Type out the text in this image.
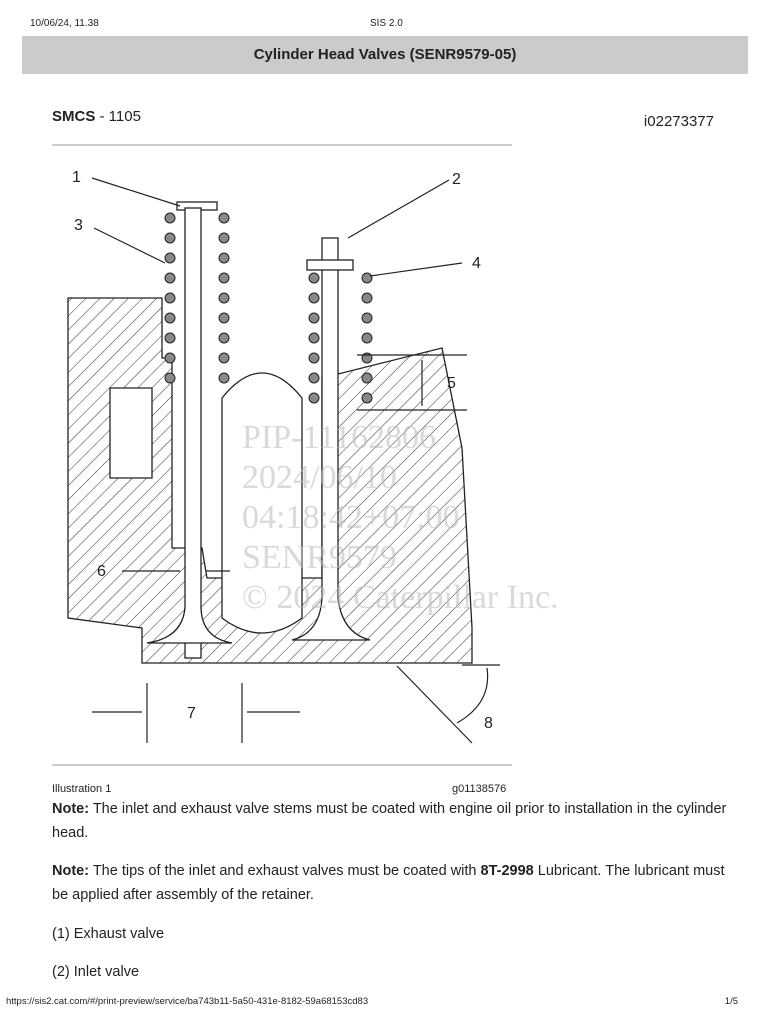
10/06/24, 11.38	SIS 2.0
Cylinder Head Valves (SENR9579-05)
SMCS - 1105	i02273377
1	2
3
4
5
6
7
8
PIP-11162806
2024/06/10
04:18:42+07:00
SENR9579
© 2024 Caterpillar Inc.
Illustration 1	g01138576
Note: The inlet and exhaust valve stems must be coated with engine oil prior to installation in the cylinder head.
Note: The tips of the inlet and exhaust valves must be coated with 8T-2998 Lubricant. The lubricant must be applied after assembly of the retainer.
(1) Exhaust valve
(2) Inlet valve
https://sis2.cat.com/#/print-preview/service/ba743b11-5a50-431e-8182-59a68153cd83	1/5
